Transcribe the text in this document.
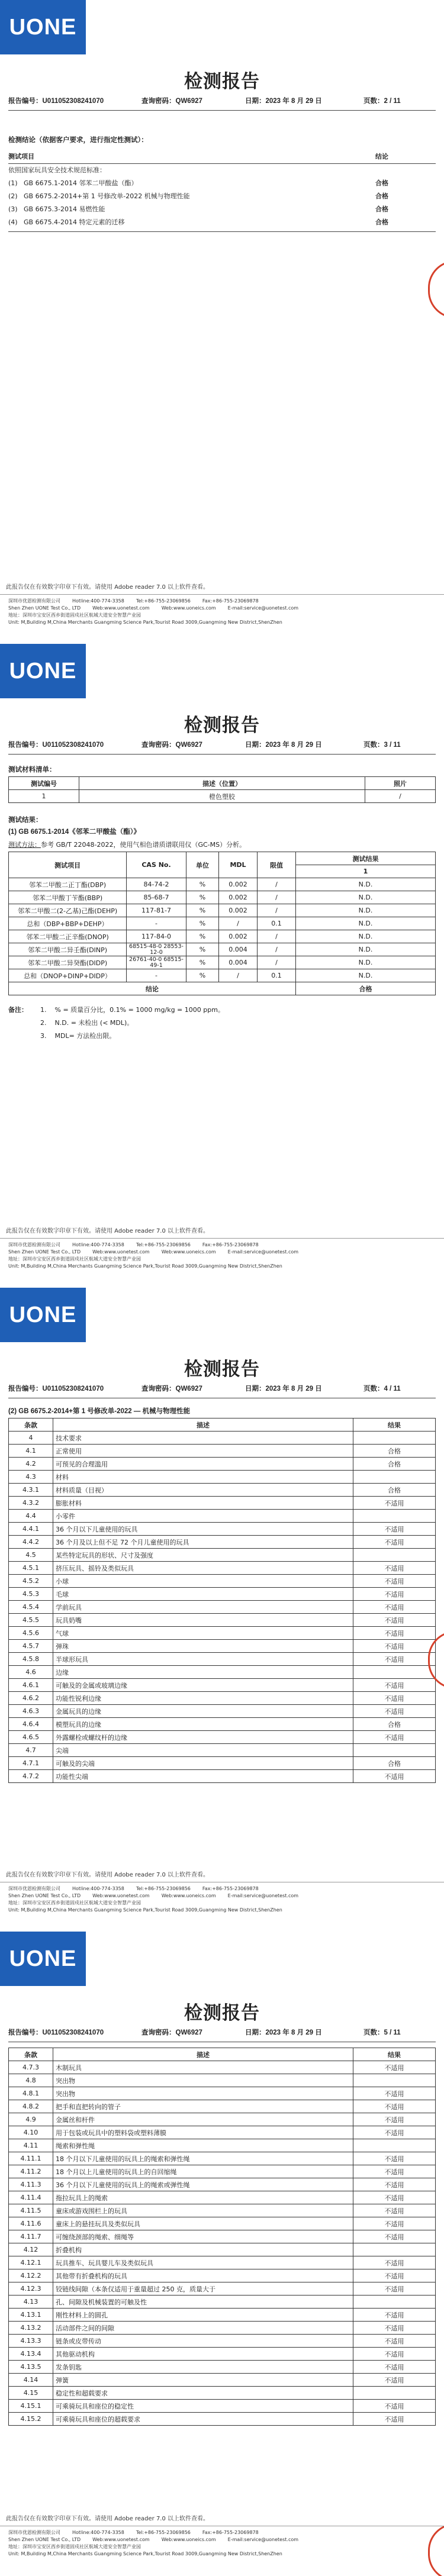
UONE
检测报告
报告编号：U011052308241070	查询密码：QW6927	日期：2023 年 8 月 29 日	页数：2 / 11
检测结论（依据客户要求，进行指定性测试）：
测试项目	结论
依照国家玩具安全技术规范标准：
(1) GB 6675.1-2014 邻苯二甲酸盐（酯）	合格
(2) GB 6675.2-2014+第 1 号修改单-2022 机械与物理性能	合格
(3) GB 6675.3-2014 易燃性能	合格
(4) GB 6675.4-2014 特定元素的迁移	合格
此报告仅在有效数字印章下有效。请使用 Adobe reader 7.0 以上软件查看。
深圳市优恩检测有限公司	Hotline:400-774-3358	Tel:+86-755-23069856	Fax:+86-755-23069878
Shen Zhen UONE Test Co., LTD	Web:www.uonetest.com	Web:www.uoneics.com	E-mail:service@uonetest.com
地址：深圳市宝安区西乡街道固戍社区航城大道安全智慧产业园
Unit: M,Building M,China Merchants Guangming Science Park,Tourist Road 3009,Guangming New District,ShenZhen
UONE
检测报告
报告编号：U011052308241070	查询密码：QW6927	日期：2023 年 8 月 29 日	页数：3 / 11
测试材料清单：
测试编号	描述（位置）	照片
1	橙色塑胶	/
测试结果：
(1) GB 6675.1-2014《邻苯二甲酸盐（酯）》
测试方法：参考 GB/T 22048-2022，使用气相色谱质谱联用仪（GC-MS）分析。
测试项目	CAS No.	单位	MDL	限值	测试结果
					1
邻苯二甲酸二正丁酯(DBP)	84-74-2	%	0.002	/	N.D.
邻苯二甲酸丁苄酯(BBP)	85-68-7	%	0.002	/	N.D.
邻苯二甲酸二(2-乙基)己酯(DEHP)	117-81-7	%	0.002	/	N.D.
总和（DBP+BBP+DEHP）	-	%	/	0.1	N.D.
邻苯二甲酸二正辛酯(DNOP)	117-84-0	%	0.002	/	N.D.
邻苯二甲酸二异壬酯(DINP)	68515-48-0 28553-12-0	%	0.004	/	N.D.
邻苯二甲酸二异癸酯(DIDP)	26761-40-0 68515-49-1	%	0.004	/	N.D.
总和（DNOP+DINP+DIDP）	-	%	/	0.1	N.D.
结论					合格
备注：	1. % = 质量百分比，0.1% = 1000 mg/kg = 1000 ppm。
2. N.D. = 未检出 (< MDL)。
3. MDL= 方法检出限。
此报告仅在有效数字印章下有效。请使用 Adobe reader 7.0 以上软件查看。
深圳市优恩检测有限公司	Hotline:400-774-3358	Tel:+86-755-23069856	Fax:+86-755-23069878
Shen Zhen UONE Test Co., LTD	Web:www.uonetest.com	Web:www.uoneics.com	E-mail:service@uonetest.com
地址：深圳市宝安区西乡街道固戍社区航城大道安全智慧产业园
Unit: M,Building M,China Merchants Guangming Science Park,Tourist Road 3009,Guangming New District,ShenZhen
UONE
检测报告
报告编号：U011052308241070	查询密码：QW6927	日期：2023 年 8 月 29 日	页数：4 / 11
(2) GB 6675.2-2014+第 1 号修改单-2022 — 机械与物理性能
条款	描述	结果
4	技术要求	
4.1	正常使用	合格
4.2	可预见的合理滥用	合格
4.3	材料	
4.3.1	材料质量（目视）	合格
4.3.2	膨胀材料	不适用
4.4	小零件	
4.4.1	36 个月以下儿童使用的玩具	不适用
4.4.2	36 个月及以上但不足 72 个月儿童使用的玩具	不适用
4.5	某些特定玩具的形状、尺寸及强度	
4.5.1	挤压玩具、摇铃及类似玩具	不适用
4.5.2	小球	不适用
4.5.3	毛球	不适用
4.5.4	学前玩具	不适用
4.5.5	玩具奶嘴	不适用
4.5.6	气球	不适用
4.5.7	弹珠	不适用
4.5.8	半球形玩具	不适用
4.6	边缘	
4.6.1	可触及的金属或玻璃边缘	不适用
4.6.2	功能性锐利边缘	不适用
4.6.3	金属玩具的边缘	不适用
4.6.4	模塑玩具的边缘	合格
4.6.5	外露螺栓或螺纹杆的边缘	不适用
4.7	尖端	
4.7.1	可触及的尖端	合格
4.7.2	功能性尖端	不适用
此报告仅在有效数字印章下有效。请使用 Adobe reader 7.0 以上软件查看。
深圳市优恩检测有限公司	Hotline:400-774-3358	Tel:+86-755-23069856	Fax:+86-755-23069878
Shen Zhen UONE Test Co., LTD	Web:www.uonetest.com	Web:www.uoneics.com	E-mail:service@uonetest.com
地址：深圳市宝安区西乡街道固戍社区航城大道安全智慧产业园
Unit: M,Building M,China Merchants Guangming Science Park,Tourist Road 3009,Guangming New District,ShenZhen
UONE
检测报告
报告编号：U011052308241070	查询密码：QW6927	日期：2023 年 8 月 29 日	页数：5 / 11
条款	描述	结果
4.7.3	木制玩具	不适用
4.8	突出物	
4.8.1	突出物	不适用
4.8.2	把手和直把转向的管子	不适用
4.9	金属丝和杆件	不适用
4.10	用于包装或玩具中的塑料袋或塑料薄膜	不适用
4.11	绳索和弹性绳	
4.11.1	18 个月以下儿童使用的玩具上的绳索和弹性绳	不适用
4.11.2	18 个月以上儿童使用的玩具上的自回缩绳	不适用
4.11.3	36 个月以下儿童使用的玩具上的绳索或弹性绳	不适用
4.11.4	拖拉玩具上的绳索	不适用
4.11.5	童床或游戏围栏上的玩具	不适用
4.11.6	童床上的悬挂玩具及类似玩具	不适用
4.11.7	可缠绕颈部的绳索、细绳等	不适用
4.12	折叠机构	
4.12.1	玩具推车、玩具婴儿车及类似玩具	不适用
4.12.2	其他带有折叠机构的玩具	不适用
4.12.3	铰链线间隙（本条仅适用于重量超过 250 克，质量大于	不适用
4.13	孔、间隙及机械装置的可触及性	
4.13.1	刚性材料上的圆孔	不适用
4.13.2	活动部件之间的间隙	不适用
4.13.3	链条或皮带传动	不适用
4.13.4	其他驱动机构	不适用
4.13.5	发条钥匙	不适用
4.14	弹簧	不适用
4.15	稳定性和超载要求	
4.15.1	可乘骑玩具和座位的稳定性	不适用
4.15.2	可乘骑玩具和座位的超载要求	不适用
此报告仅在有效数字印章下有效。请使用 Adobe reader 7.0 以上软件查看。
深圳市优恩检测有限公司	Hotline:400-774-3358	Tel:+86-755-23069856	Fax:+86-755-23069878
Shen Zhen UONE Test Co., LTD	Web:www.uonetest.com	Web:www.uoneics.com	E-mail:service@uonetest.com
地址：深圳市宝安区西乡街道固戍社区航城大道安全智慧产业园
Unit: M,Building M,China Merchants Guangming Science Park,Tourist Road 3009,Guangming New District,ShenZhen
